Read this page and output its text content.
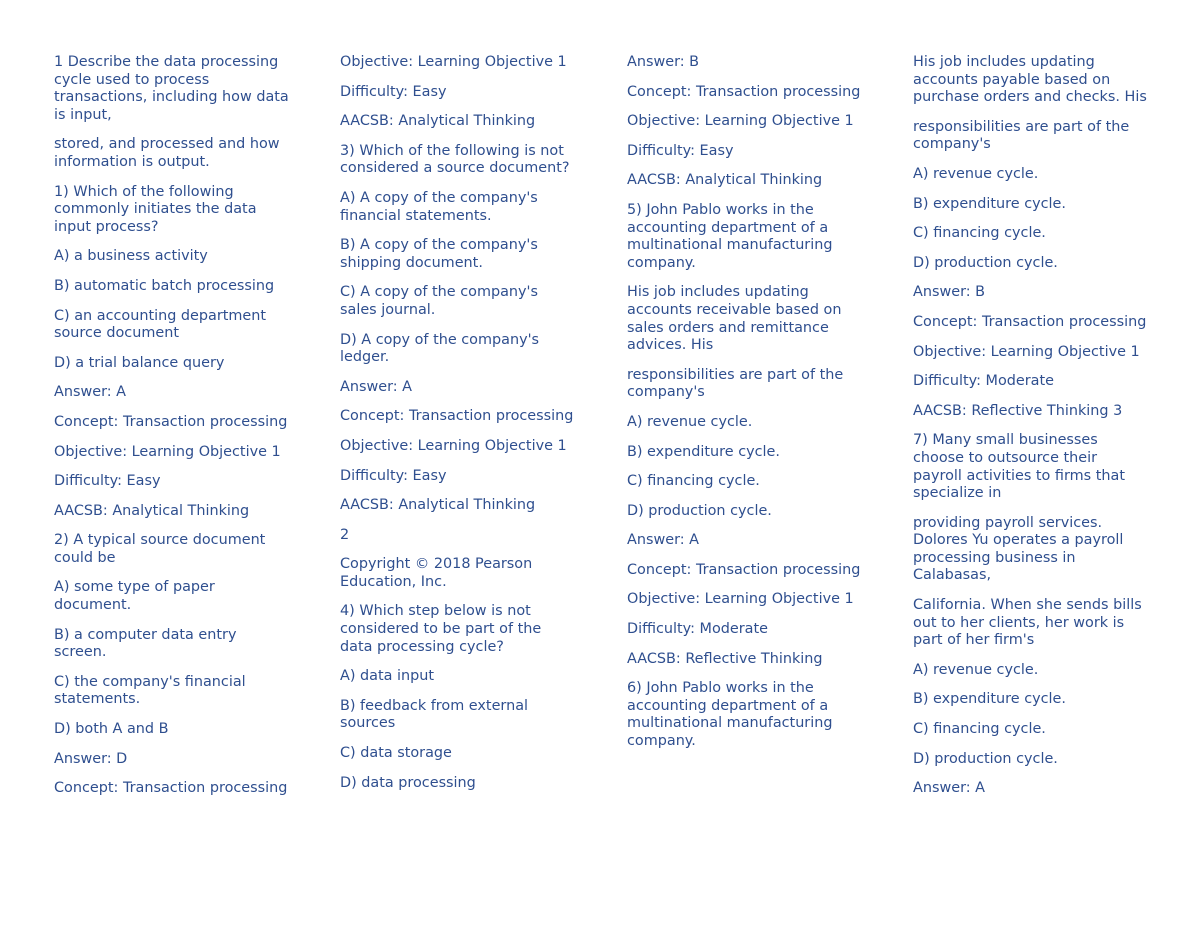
1 Describe the data processing cycle used to process transactions, including how data is input,

stored, and processed and how information is output.

1) Which of the following commonly initiates the data input process?

A) a business activity

B) automatic batch processing

C) an accounting department source document

D) a trial balance query

Answer: A

Concept: Transaction processing

Objective: Learning Objective 1

Difficulty: Easy

AACSB: Analytical Thinking

2) A typical source document could be

A) some type of paper document.

B) a computer data entry screen.

C) the company's financial statements.

D) both A and B

Answer: D

Concept: Transaction processing

Objective: Learning Objective 1

Difficulty: Easy

AACSB: Analytical Thinking

3) Which of the following is not considered a source document?

A) A copy of the company's financial statements.

B) A copy of the company's shipping document.

C) A copy of the company's sales journal.

D) A copy of the company's ledger.

Answer: A

Concept: Transaction processing

Objective: Learning Objective 1

Difficulty: Easy

AACSB: Analytical Thinking

2

Copyright © 2018 Pearson Education, Inc.

4) Which step below is not considered to be part of the data processing cycle?

A) data input

B) feedback from external sources

C) data storage

D) data processing

Answer: B

Concept: Transaction processing

Objective: Learning Objective 1

Difficulty: Easy

AACSB: Analytical Thinking

5) John Pablo works in the accounting department of a multinational manufacturing company.

His job includes updating accounts receivable based on sales orders and remittance advices. His

responsibilities are part of the company's

A) revenue cycle.

B) expenditure cycle.

C) financing cycle.

D) production cycle.

Answer: A

Concept: Transaction processing

Objective: Learning Objective 1

Difficulty: Moderate

AACSB: Reflective Thinking

6) John Pablo works in the accounting department of a multinational manufacturing company.

His job includes updating accounts payable based on purchase orders and checks. His

responsibilities are part of the company's

A) revenue cycle.

B) expenditure cycle.

C) financing cycle.

D) production cycle.

Answer: B

Concept: Transaction processing

Objective: Learning Objective 1

Difficulty: Moderate

AACSB: Reflective Thinking 3

7) Many small businesses choose to outsource their payroll activities to firms that specialize in

providing payroll services. Dolores Yu operates a payroll processing business in Calabasas,

California. When she sends bills out to her clients, her work is part of her firm's

A) revenue cycle.

B) expenditure cycle.

C) financing cycle.

D) production cycle.

Answer: A
